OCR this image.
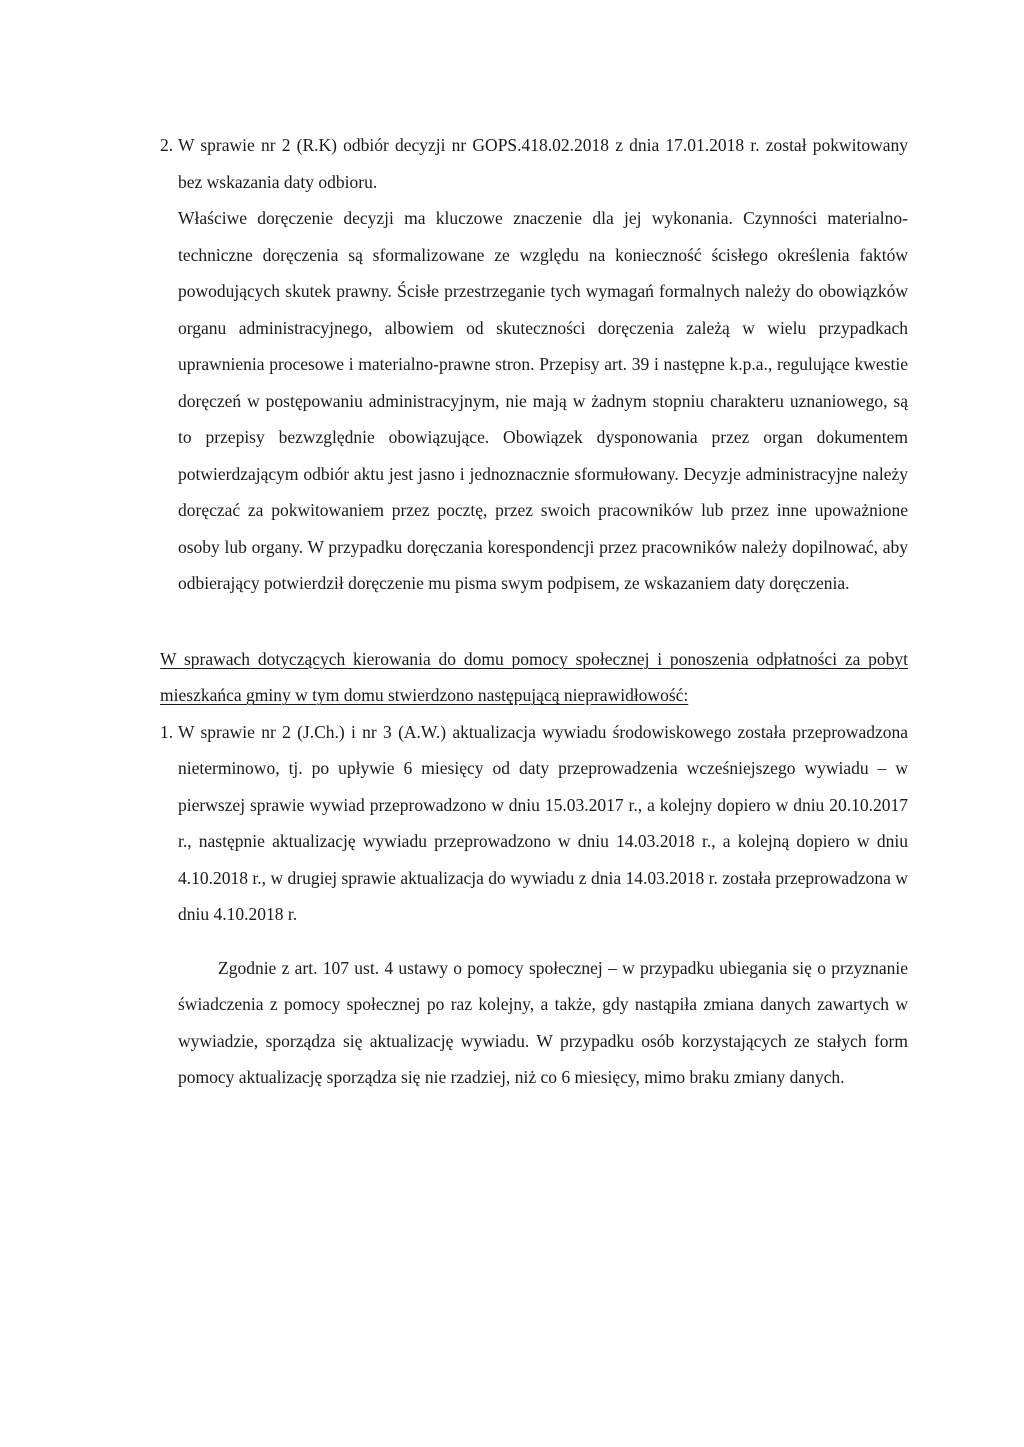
2. W sprawie nr 2 (R.K) odbiór decyzji nr GOPS.418.02.2018 z dnia 17.01.2018 r. został pokwitowany bez wskazania daty odbioru.

Właściwe doręczenie decyzji ma kluczowe znaczenie dla jej wykonania. Czynności materialno-techniczne doręczenia są sformalizowane ze względu na konieczność ścisłego określenia faktów powodujących skutek prawny. Ścisłe przestrzeganie tych wymagań formalnych należy do obowiązków organu administracyjnego, albowiem od skuteczności doręczenia zależą w wielu przypadkach uprawnienia procesowe i materialno-prawne stron. Przepisy art. 39 i następne k.p.a., regulujące kwestie doręczeń w postępowaniu administracyjnym, nie mają w żadnym stopniu charakteru uznaniowego, są to przepisy bezwzględnie obowiązujące. Obowiązek dysponowania przez organ dokumentem potwierdzającym odbiór aktu jest jasno i jednoznacznie sformułowany. Decyzje administracyjne należy doręczać za pokwitowaniem przez pocztę, przez swoich pracowników lub przez inne upoważnione osoby lub organy. W przypadku doręczania korespondencji przez pracowników należy dopilnować, aby odbierający potwierdził doręczenie mu pisma swym podpisem, ze wskazaniem daty doręczenia.

W sprawach dotyczących kierowania do domu pomocy społecznej i ponoszenia odpłatności za pobyt mieszkańca gminy w tym domu stwierdzono następującą nieprawidłowość:

1. W sprawie nr 2 (J.Ch.) i nr 3 (A.W.) aktualizacja wywiadu środowiskowego została przeprowadzona nieterminowo, tj. po upływie 6 miesięcy od daty przeprowadzenia wcześniejszego wywiadu – w pierwszej sprawie wywiad przeprowadzono w dniu 15.03.2017 r., a kolejny dopiero w dniu 20.10.2017 r., następnie aktualizację wywiadu przeprowadzono w dniu 14.03.2018 r., a kolejną dopiero w dniu 4.10.2018 r., w drugiej sprawie aktualizacja do wywiadu z dnia 14.03.2018 r. została przeprowadzona w dniu 4.10.2018 r.

Zgodnie z art. 107 ust. 4 ustawy o pomocy społecznej – w przypadku ubiegania się o przyznanie świadczenia z pomocy społecznej po raz kolejny, a także, gdy nastąpiła zmiana danych zawartych w wywiadzie, sporządza się aktualizację wywiadu. W przypadku osób korzystających ze stałych form pomocy aktualizację sporządza się nie rzadziej, niż co 6 miesięcy, mimo braku zmiany danych.
